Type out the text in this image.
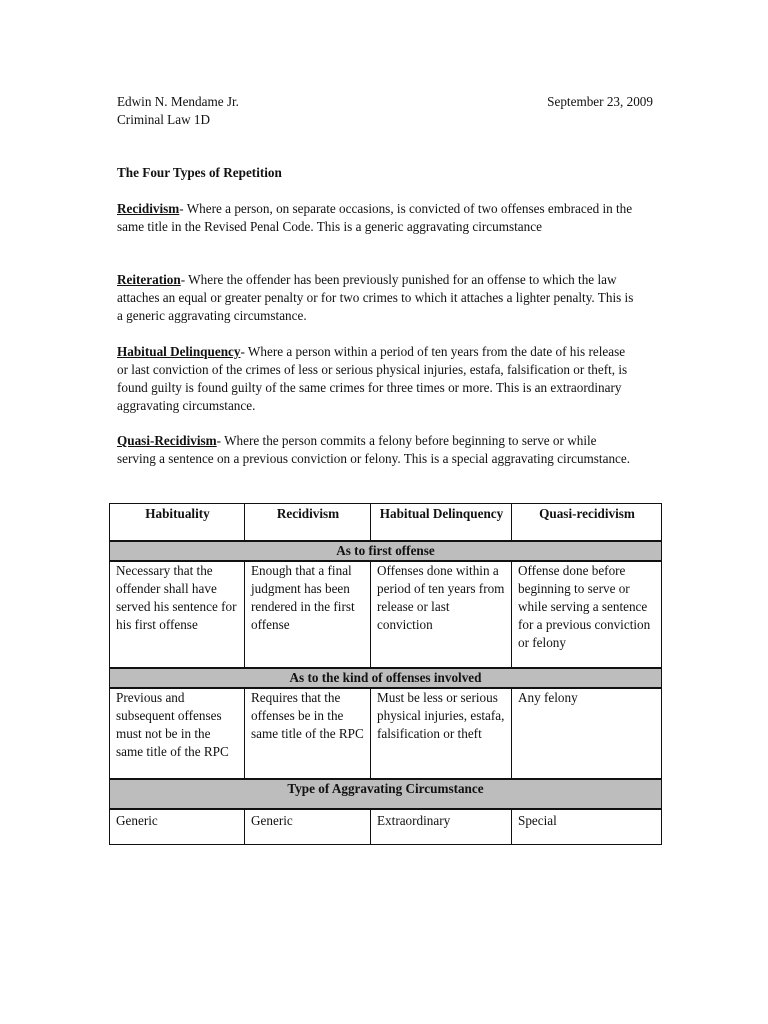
Edwin N. Mendame Jr.	September 23, 2009
Criminal Law 1D
The Four Types of Repetition

Recidivism- Where a person, on separate occasions, is convicted of two offenses embraced in the same title in the Revised Penal Code. This is a generic aggravating circumstance

Reiteration- Where the offender has been previously punished for an offense to which the law attaches an equal or greater penalty or for two crimes to which it attaches a lighter penalty. This is a generic aggravating circumstance.

Habitual Delinquency- Where a person within a period of ten years from the date of his release or last conviction of the crimes of less or serious physical injuries, estafa, falsification or theft, is found guilty is found guilty of the same crimes for three times or more. This is an extraordinary aggravating circumstance.

Quasi-Recidivism- Where the person commits a felony before beginning to serve or while serving a sentence on a previous conviction or felony. This is a special aggravating circumstance.

Habituality	Recidivism	Habitual Delinquency	Quasi-recidivism
As to first offense			
Necessary that the offender shall have served his sentence for his first offense	Enough that a final judgment has been rendered in the first offense	Offenses done within a period of ten years from release or last conviction	Offense done before beginning to serve or while serving a sentence for a previous conviction or felony
As to the kind of offenses involved			
Previous and subsequent offenses must not be in the same title of the RPC	Requires that the offenses be in the same title of the RPC	Must be less or serious physical injuries, estafa, falsification or theft	Any felony
Type of Aggravating Circumstance			
Generic	Generic	Extraordinary	Special
